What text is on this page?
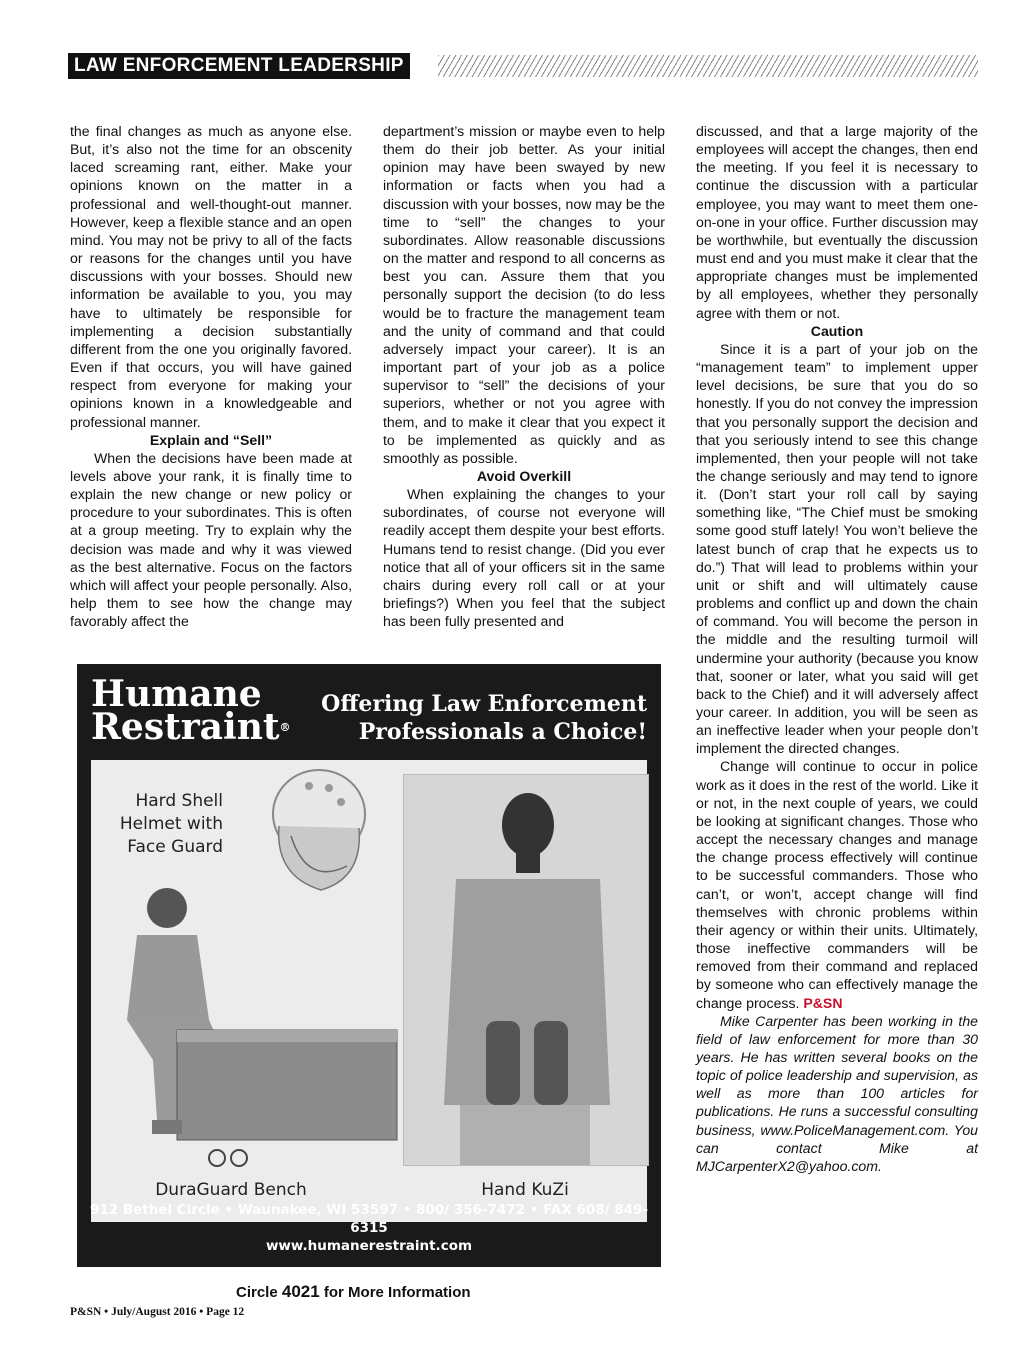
LAW ENFORCEMENT LEADERSHIP

the final changes as much as anyone else. But, it’s also not the time for an obscenity laced screaming rant, either. Make your opinions known on the matter in a professional and well-thought-out manner. However, keep a flexible stance and an open mind. You may not be privy to all of the facts or reasons for the changes until you have discussions with your bosses. Should new information be available to you, you may have to ultimately be responsible for implementing a decision substantially different from the one you originally favored. Even if that occurs, you will have gained respect from everyone for making your opinions known in a knowledgeable and professional manner.

Explain and “Sell”

When the decisions have been made at levels above your rank, it is finally time to explain the new change or new policy or procedure to your subordinates. This is often at a group meeting. Try to explain why the decision was made and why it was viewed as the best alternative. Focus on the factors which will affect your people personally. Also, help them to see how the change may favorably affect the

department’s mission or maybe even to help them do their job better. As your initial opinion may have been swayed by new information or facts when you had a discussion with your bosses, now may be the time to “sell” the changes to your subordinates. Allow reasonable discussions on the matter and respond to all concerns as best you can. Assure them that you personally support the decision (to do less would be to fracture the management team and the unity of command and that could adversely impact your career). It is an important part of your job as a police supervisor to “sell” the decisions of your superiors, whether or not you agree with them, and to make it clear that you expect it to be implemented as quickly and as smoothly as possible.

Avoid Overkill

When explaining the changes to your subordinates, of course not everyone will readily accept them despite your best efforts. Humans tend to resist change. (Did you ever notice that all of your officers sit in the same chairs during every roll call or at your briefings?) When you feel that the subject has been fully presented and

discussed, and that a large majority of the employees will accept the changes, then end the meeting. If you feel it is necessary to continue the discussion with a particular employee, you may want to meet them one-on-one in your office. Further discussion may be worthwhile, but eventually the discussion must end and you must make it clear that the appropriate changes must be implemented by all employees, whether they personally agree with them or not.

Caution

Since it is a part of your job on the “management team” to implement upper level decisions, be sure that you do so honestly. If you do not convey the impression that you personally support the decision and that you seriously intend to see this change implemented, then your people will not take the change seriously and may tend to ignore it. (Don’t start your roll call by saying something like, “The Chief must be smoking some good stuff lately! You won’t believe the latest bunch of crap that he expects us to do.”) That will lead to problems within your unit or shift and will ultimately cause problems and conflict up and down the chain of command. You will become the person in the middle and the resulting turmoil will undermine your authority (because you know that, sooner or later, what you said will get back to the Chief) and it will adversely affect your career. In addition, you will be seen as an ineffective leader when your people don’t implement the directed changes.

Change will continue to occur in police work as it does in the rest of the world. Like it or not, in the next couple of years, we could be looking at significant changes. Those who accept the necessary changes and manage the change process effectively will continue to be successful commanders. Those who can’t, or won’t, accept change will find themselves with chronic problems within their agency or within their units. Ultimately, those ineffective commanders will be removed from their command and replaced by someone who can effectively manage the change process. P&SN

Mike Carpenter has been working in the field of law enforcement for more than 30 years. He has written several books on the topic of police leadership and supervision, as well as more than 100 articles for publications. He runs a successful consulting business, www.PoliceManagement.com. You can contact Mike at MJCarpenterX2@yahoo.com.

Humane
Restraint®
Offering Law Enforcement
Professionals a Choice!
Hard Shell
Helmet with
Face Guard
DuraGuard Bench	Hand KuZi
912 Bethel Circle • Waunakee, WI 53597 • 800/ 356-7472 • FAX 608/ 849-6315
www.humanerestraint.com
Circle 4021 for More Information
P&SN • July/August 2016 • Page 12
